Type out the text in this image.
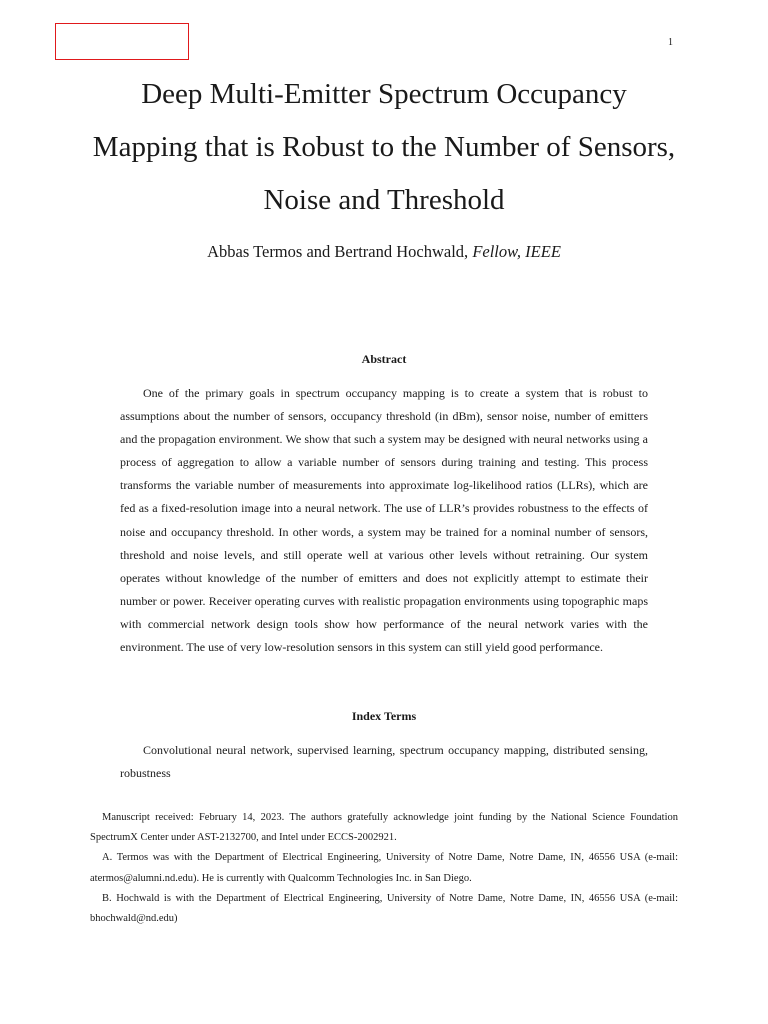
1
Deep Multi-Emitter Spectrum Occupancy Mapping that is Robust to the Number of Sensors, Noise and Threshold
Abbas Termos and Bertrand Hochwald, Fellow, IEEE
Abstract

One of the primary goals in spectrum occupancy mapping is to create a system that is robust to assumptions about the number of sensors, occupancy threshold (in dBm), sensor noise, number of emitters and the propagation environment. We show that such a system may be designed with neural networks using a process of aggregation to allow a variable number of sensors during training and testing. This process transforms the variable number of measurements into approximate log-likelihood ratios (LLRs), which are fed as a fixed-resolution image into a neural network. The use of LLR’s provides robustness to the effects of noise and occupancy threshold. In other words, a system may be trained for a nominal number of sensors, threshold and noise levels, and still operate well at various other levels without retraining. Our system operates without knowledge of the number of emitters and does not explicitly attempt to estimate their number or power. Receiver operating curves with realistic propagation environments using topographic maps with commercial network design tools show how performance of the neural network varies with the environment. The use of very low-resolution sensors in this system can still yield good performance.

Index Terms

Convolutional neural network, supervised learning, spectrum occupancy mapping, distributed sensing, robustness

Manuscript received: February 14, 2023. The authors gratefully acknowledge joint funding by the National Science Foundation SpectrumX Center under AST-2132700, and Intel under ECCS-2002921.

A. Termos was with the Department of Electrical Engineering, University of Notre Dame, Notre Dame, IN, 46556 USA (e-mail: atermos@alumni.nd.edu). He is currently with Qualcomm Technologies Inc. in San Diego.

B. Hochwald is with the Department of Electrical Engineering, University of Notre Dame, Notre Dame, IN, 46556 USA (e-mail: bhochwald@nd.edu)
